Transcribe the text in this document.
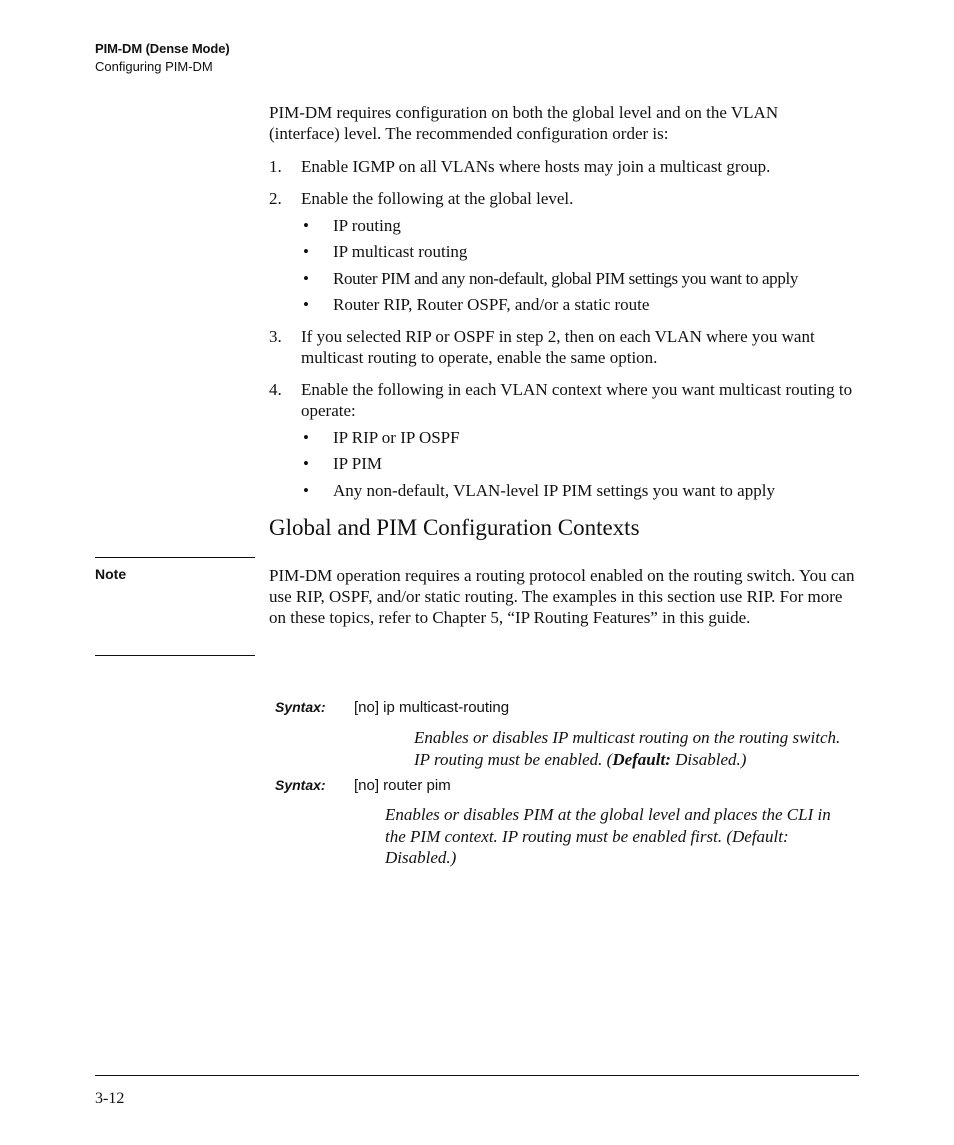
PIM-DM (Dense Mode)
Configuring PIM-DM
PIM-DM requires configuration on both the global level and on the VLAN (interface) level. The recommended configuration order is:
1. Enable IGMP on all VLANs where hosts may join a multicast group.
2. Enable the following at the global level.
• IP routing
• IP multicast routing
• Router PIM and any non-default, global PIM settings you want to apply
• Router RIP, Router OSPF, and/or a static route
3. If you selected RIP or OSPF in step 2, then on each VLAN where you want multicast routing to operate, enable the same option.
4. Enable the following in each VLAN context where you want multicast routing to operate:
• IP RIP or IP OSPF
• IP PIM
• Any non-default, VLAN-level IP PIM settings you want to apply
Global and PIM Configuration Contexts
Note	PIM-DM operation requires a routing protocol enabled on the routing switch. You can use RIP, OSPF, and/or static routing. The examples in this section use RIP. For more on these topics, refer to Chapter 5, “IP Routing Features” in this guide.
Syntax: [no] ip multicast-routing
Enables or disables IP multicast routing on the routing switch. IP routing must be enabled. (Default: Disabled.)
Syntax: [no] router pim
Enables or disables PIM at the global level and places the CLI in the PIM context. IP routing must be enabled first. (Default: Disabled.)
3-12
